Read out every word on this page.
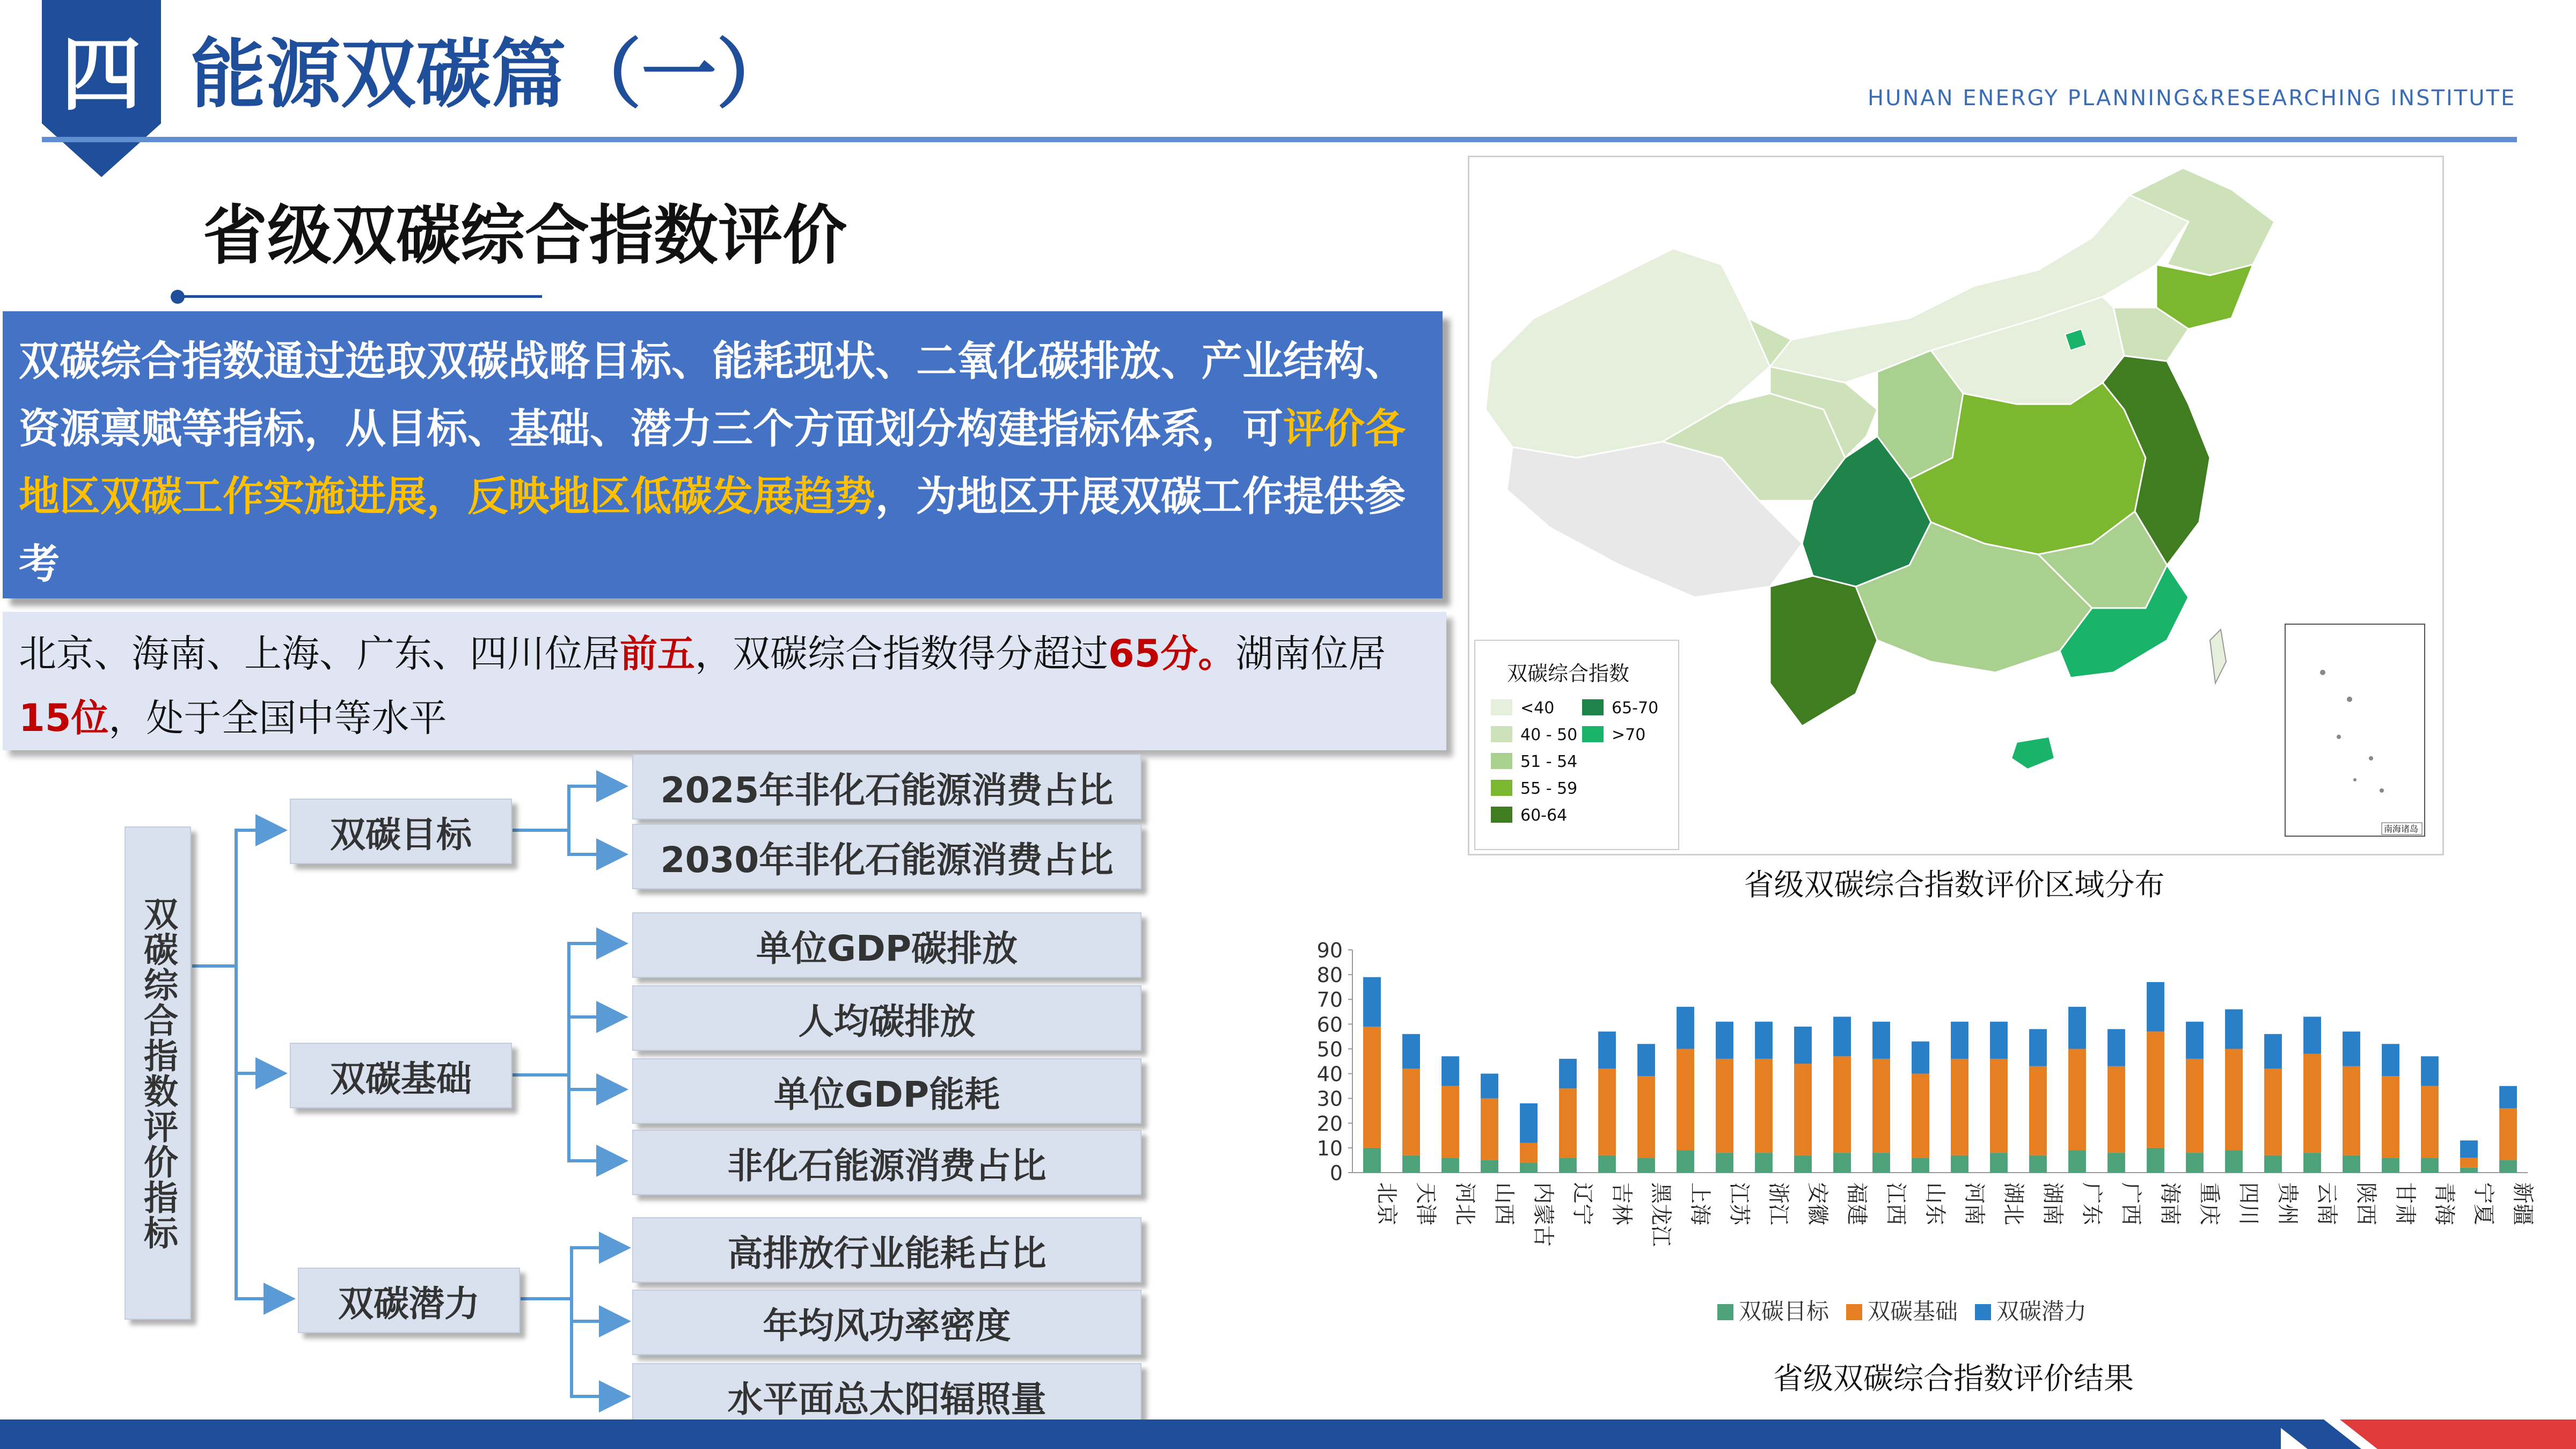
四 能源双碳篇（一）	HUNAN ENERGY PLANNING&RESEARCHING INSTITUTE
省级双碳综合指数评价
双碳综合指数通过选取双碳战略目标、能耗现状、二氧化碳排放、产业结构、资源禀赋等指标，从目标、基础、潜力三个方面划分构建指标体系，可评价各地区双碳工作实施进展，反映地区低碳发展趋势，为地区开展双碳工作提供参考
北京、海南、上海、广东、四川位居前五，双碳综合指数得分超过65分。湖南位居15位，处于全国中等水平
双碳综合指数评价指标
双碳目标
双碳基础
双碳潜力
2025年非化石能源消费占比
2030年非化石能源消费占比
单位GDP碳排放
人均碳排放
单位GDP能耗
非化石能源消费占比
高排放行业能耗占比
年均风功率密度
水平面总太阳辐照量
双碳综合指数
<40
40 - 50
51 - 54
55 - 59
60-64
65-70
>70
南海诸岛
省级双碳综合指数评价区域分布
0
10
20
30
40
50
60
70
80
90
北京 天津 河北 山西 内蒙古 辽宁 吉林 黑龙江 上海 江苏 浙江 安徽 福建 江西 山东 河南 湖北 湖南 广东 广西 海南 重庆 四川 贵州 云南 陕西 甘肃 青海 宁夏 新疆
双碳目标 双碳基础 双碳潜力
省级双碳综合指数评价结果
